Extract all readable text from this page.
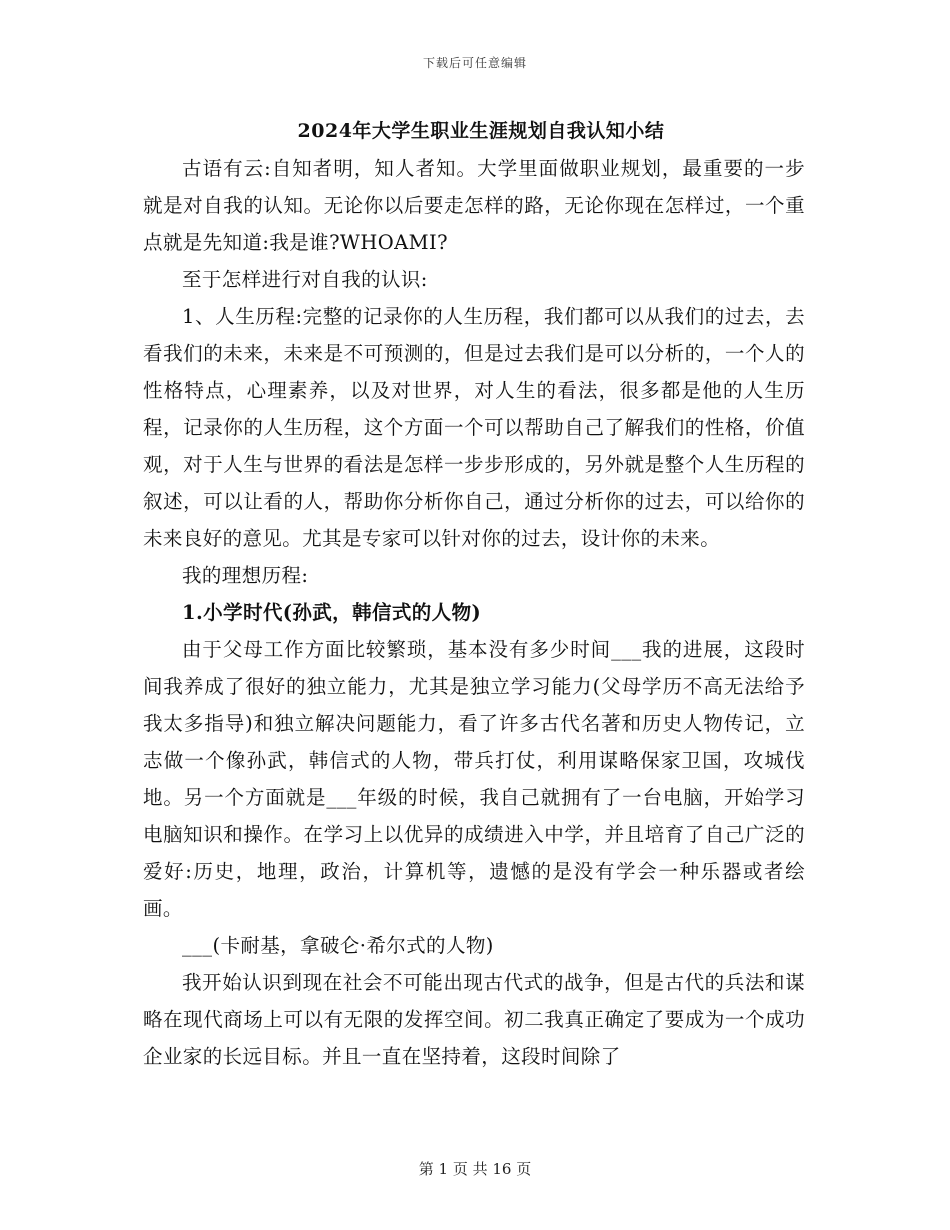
下载后可任意编辑
2024年大学生职业生涯规划自我认知小结

古语有云:自知者明，知人者知。大学里面做职业规划，最重要的一步就是对自我的认知。无论你以后要走怎样的路，无论你现在怎样过，一个重点就是先知道:我是谁?WHOAMI?

至于怎样进行对自我的认识:

1、人生历程:完整的记录你的人生历程，我们都可以从我们的过去，去看我们的未来，未来是不可预测的，但是过去我们是可以分析的，一个人的性格特点，心理素养，以及对世界，对人生的看法，很多都是他的人生历程，记录你的人生历程，这个方面一个可以帮助自己了解我们的性格，价值观，对于人生与世界的看法是怎样一步步形成的，另外就是整个人生历程的叙述，可以让看的人，帮助你分析你自己，通过分析你的过去，可以给你的未来良好的意见。尤其是专家可以针对你的过去，设计你的未来。

我的理想历程:

1.小学时代(孙武，韩信式的人物)

由于父母工作方面比较繁琐，基本没有多少时间___我的进展，这段时间我养成了很好的独立能力，尤其是独立学习能力(父母学历不高无法给予我太多指导)和独立解决问题能力，看了许多古代名著和历史人物传记，立志做一个像孙武，韩信式的人物，带兵打仗，利用谋略保家卫国，攻城伐地。另一个方面就是___年级的时候，我自己就拥有了一台电脑，开始学习电脑知识和操作。在学习上以优异的成绩进入中学，并且培育了自己广泛的爱好:历史，地理，政治，计算机等，遗憾的是没有学会一种乐器或者绘画。

___(卡耐基，拿破仑·希尔式的人物)

我开始认识到现在社会不可能出现古代式的战争，但是古代的兵法和谋略在现代商场上可以有无限的发挥空间。初二我真正确定了要成为一个成功企业家的长远目标。并且一直在坚持着，这段时间除了

第 1 页 共 16 页
